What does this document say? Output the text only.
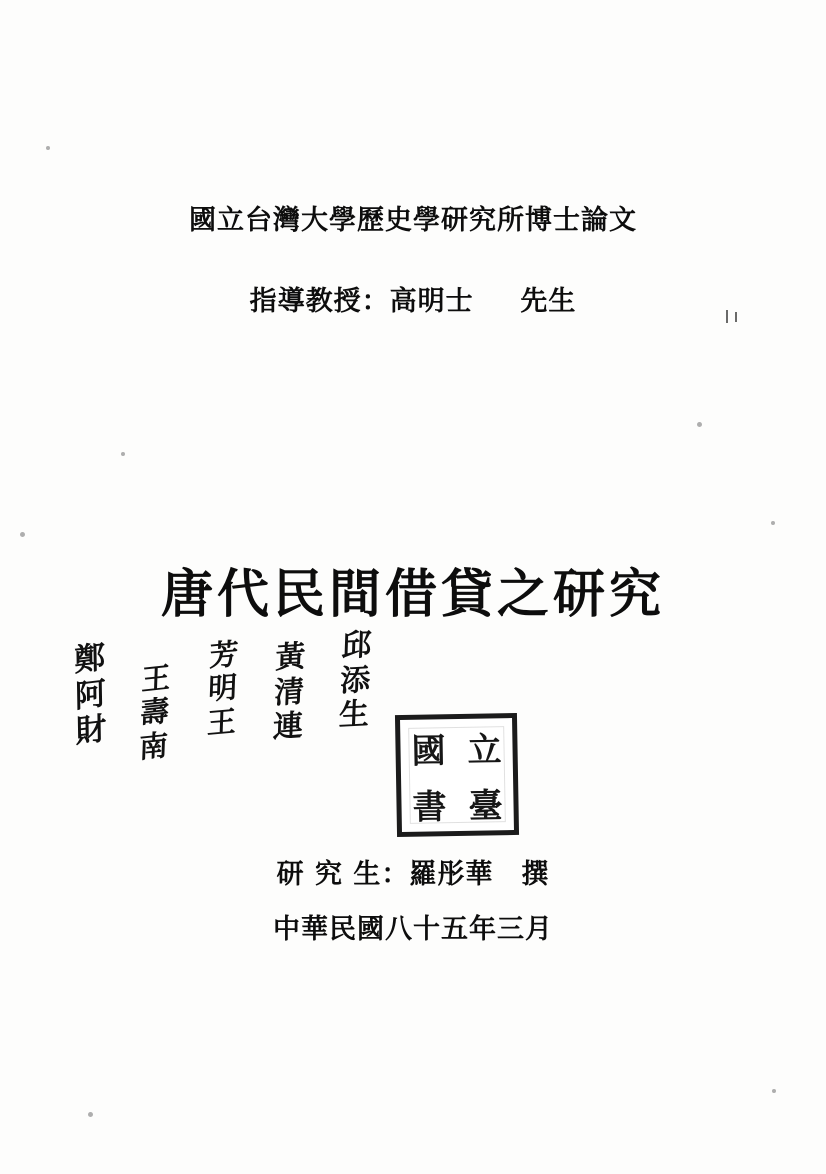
國立台灣大學歷史學研究所博士論文
指導教授：高明士 先生
唐代民間借貸之研究
鄭
阿
財
王
壽
南
芳
明
王
黃
清
連
邱
添
生
國 立
書 臺
研 究 生：羅彤華　撰
中華民國八十五年三月
